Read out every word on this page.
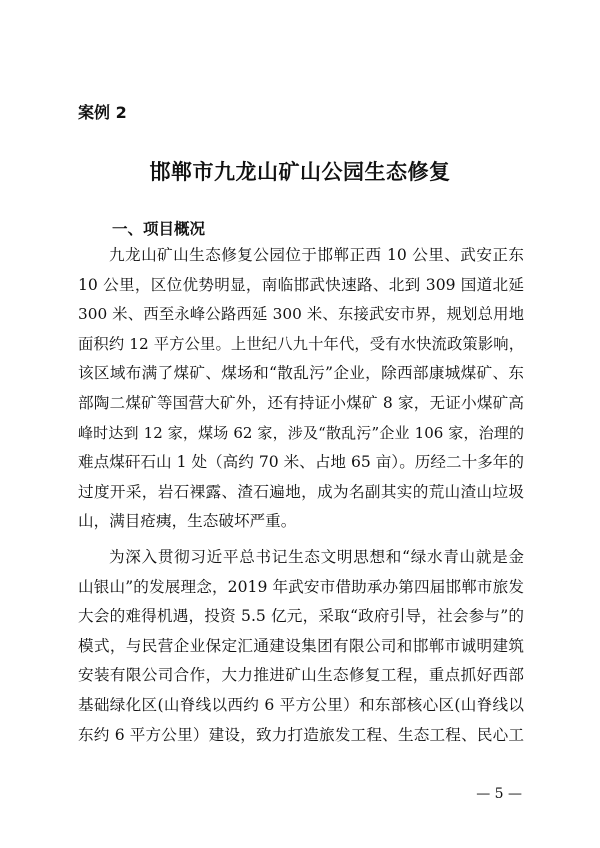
案例 2

邯郸市九龙山矿山公园生态修复
一、项目概况
九龙山矿山生态修复公园位于邯郸正西 10 公里、武安正东
10 公里，区位优势明显，南临邯武快速路、北到 309 国道北延
300 米、西至永峰公路西延 300 米、东接武安市界，规划总用地
面积约 12 平方公里。上世纪八九十年代，受有水快流政策影响，
该区域布满了煤矿、煤场和“散乱污”企业，除西部康城煤矿、东
部陶二煤矿等国营大矿外，还有持证小煤矿 8 家，无证小煤矿高
峰时达到 12 家，煤场 62 家，涉及“散乱污”企业 106 家，治理的
难点煤矸石山 1 处（高约 70 米、占地 65 亩）。历经二十多年的
过度开采，岩石裸露、渣石遍地，成为名副其实的荒山渣山垃圾
山，满目疮痍，生态破坏严重。
为深入贯彻习近平总书记生态文明思想和“绿水青山就是金
山银山”的发展理念，2019 年武安市借助承办第四届邯郸市旅发
大会的难得机遇，投资 5.5 亿元，采取“政府引导，社会参与”的
模式，与民营企业保定汇通建设集团有限公司和邯郸市诚明建筑
安装有限公司合作，大力推进矿山生态修复工程，重点抓好西部
基础绿化区(山脊线以西约 6 平方公里）和东部核心区(山脊线以
东约 6 平方公里）建设，致力打造旅发工程、生态工程、民心工

— 5 —
